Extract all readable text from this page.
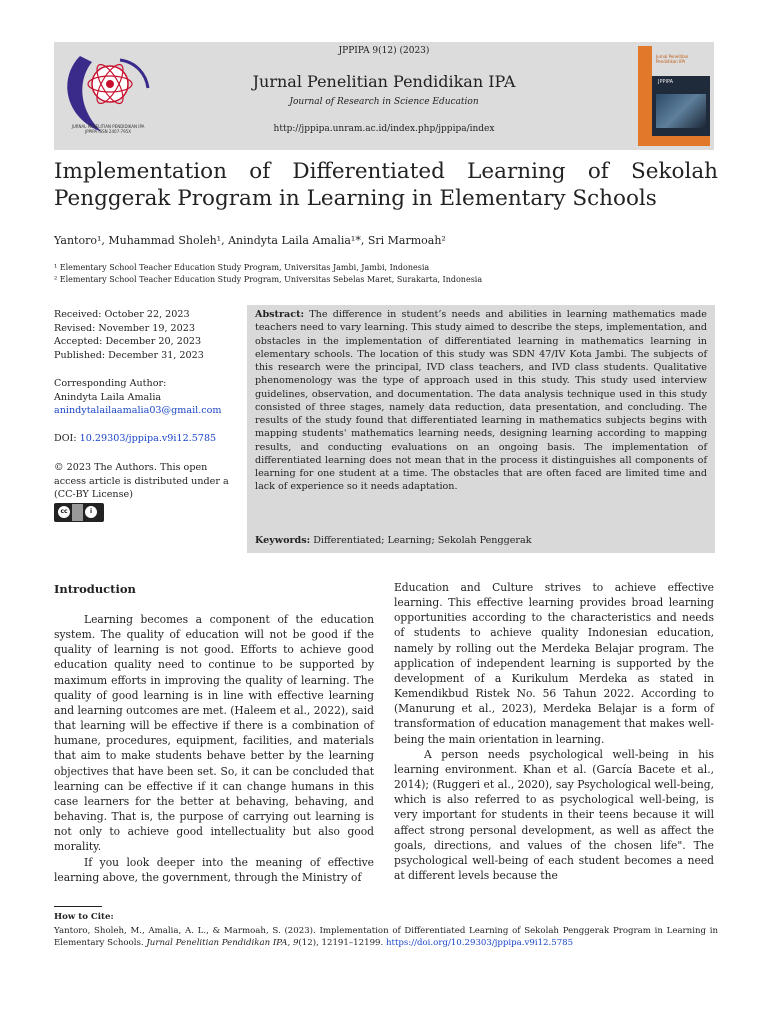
JURNAL PENELITIAN PENDIDIKAN IPA JPPIPA ISSN 2407-795X
JPPIPA 9(12) (2023)
Jurnal Penelitian Pendidikan IPA
Journal of Research in Science Education
http://jppipa.unram.ac.id/index.php/jppipa/index
Jurnal Penelitian Pendidikan IPA
JPPIPA
Implementation of Differentiated Learning of Sekolah Penggerak Program in Learning in Elementary Schools
Yantoro¹, Muhammad Sholeh¹, Anindyta Laila Amalia¹*, Sri Marmoah²
¹ Elementary School Teacher Education Study Program, Universitas Jambi, Jambi, Indonesia
² Elementary School Teacher Education Study Program, Universitas Sebelas Maret, Surakarta, Indonesia
Received: October 22, 2023
Revised: November 19, 2023
Accepted: December 20, 2023
Published: December 31, 2023
Corresponding Author:
Anindyta Laila Amalia
anindytalailaamalia03@gmail.com
DOI: 10.29303/jppipa.v9i12.5785
© 2023 The Authors. This open access article is distributed under a (CC-BY License)
cc	i
Abstract: The difference in student’s needs and abilities in learning mathematics made teachers need to vary learning. This study aimed to describe the steps, implementation, and obstacles in the implementation of differentiated learning in mathematics learning in elementary schools. The location of this study was SDN 47/IV Kota Jambi. The subjects of this research were the principal, IVD class teachers, and IVD class students. Qualitative phenomenology was the type of approach used in this study. This study used interview guidelines, observation, and documentation. The data analysis technique used in this study consisted of three stages, namely data reduction, data presentation, and concluding. The results of the study found that differentiated learning in mathematics subjects begins with mapping students' mathematics learning needs, designing learning according to mapping results, and conducting evaluations on an ongoing basis. The implementation of differentiated learning does not mean that in the process it distinguishes all components of learning for one student at a time. The obstacles that are often faced are limited time and lack of experience so it needs adaptation.
Keywords: Differentiated; Learning; Sekolah Penggerak
Introduction

Learning becomes a component of the education system. The quality of education will not be good if the quality of learning is not good. Efforts to achieve good education quality need to continue to be supported by maximum efforts in improving the quality of learning. The quality of good learning is in line with effective learning and learning outcomes are met. (Haleem et al., 2022), said that learning will be effective if there is a combination of humane, procedures, equipment, facilities, and materials that aim to make students behave better by the learning objectives that have been set. So, it can be concluded that learning can be effective if it can change humans in this case learners for the better at behaving, behaving, and behaving. That is, the purpose of carrying out learning is not only to achieve good intellectuality but also good morality.

If you look deeper into the meaning of effective learning above, the government, through the Ministry of

Education and Culture strives to achieve effective learning. This effective learning provides broad learning opportunities according to the characteristics and needs of students to achieve quality Indonesian education, namely by rolling out the Merdeka Belajar program. The application of independent learning is supported by the development of a Kurikulum Merdeka as stated in Kemendikbud Ristek No. 56 Tahun 2022. According to (Manurung et al., 2023), Merdeka Belajar is a form of transformation of education management that makes well-being the main orientation in learning.

A person needs psychological well-being in his learning environment. Khan et al. (García Bacete et al., 2014); (Ruggeri et al., 2020), say Psychological well-being, which is also referred to as psychological well-being, is very important for students in their teens because it will affect strong personal development, as well as affect the goals, directions, and values of the chosen life". The psychological well-being of each student becomes a need at different levels because the

How to Cite:
Yantoro, Sholeh, M., Amalia, A. L., & Marmoah, S. (2023). Implementation of Differentiated Learning of Sekolah Penggerak Program in Learning in Elementary Schools. Jurnal Penelitian Pendidikan IPA, 9(12), 12191–12199. https://doi.org/10.29303/jppipa.v9i12.5785
